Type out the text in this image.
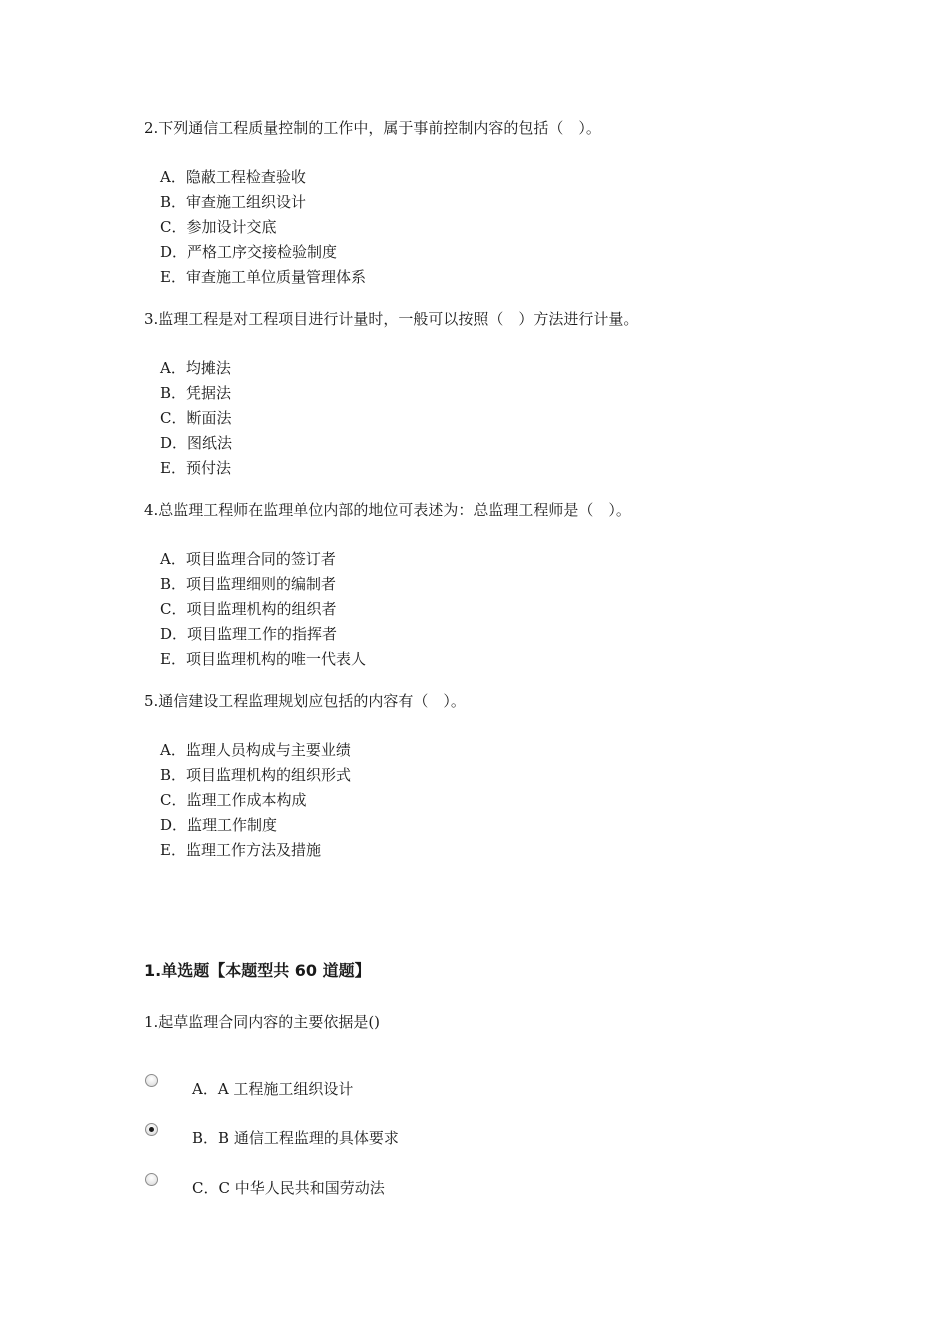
2.下列通信工程质量控制的工作中，属于事前控制内容的包括（　）。
A．隐蔽工程检查验收
B．审查施工组织设计
C．参加设计交底
D．严格工序交接检验制度
E．审查施工单位质量管理体系
3.监理工程是对工程项目进行计量时，一般可以按照（　）方法进行计量。
A．均摊法
B．凭据法
C．断面法
D．图纸法
E．预付法
4.总监理工程师在监理单位内部的地位可表述为：总监理工程师是（　）。
A．项目监理合同的签订者
B．项目监理细则的编制者
C．项目监理机构的组织者
D．项目监理工作的指挥者
E．项目监理机构的唯一代表人
5.通信建设工程监理规划应包括的内容有（　）。
A．监理人员构成与主要业绩
B．项目监理机构的组织形式
C．监理工作成本构成
D．监理工作制度
E．监理工作方法及措施
1.单选题【本题型共 60 道题】
1.起草监理合同内容的主要依据是()
A．A 工程施工组织设计
B．B 通信工程监理的具体要求
C．C 中华人民共和国劳动法
